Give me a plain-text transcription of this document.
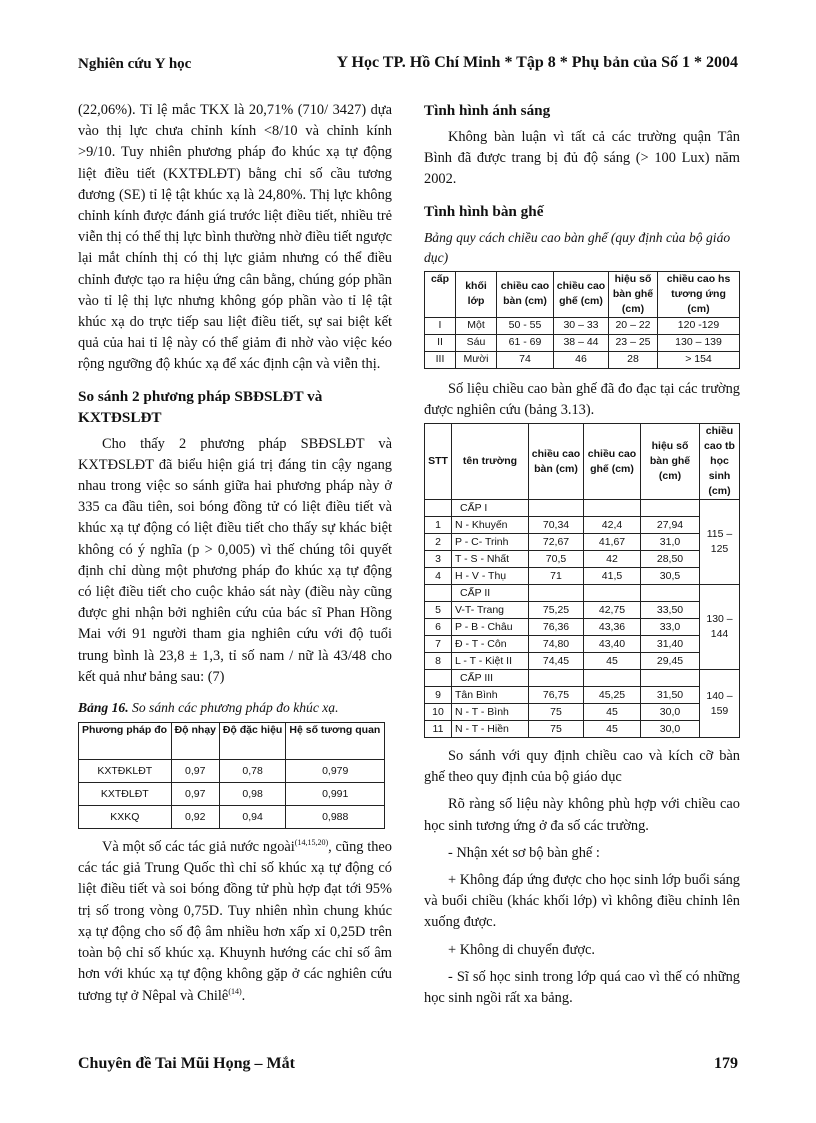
Nghiên cứu Y học	Y Học TP. Hồ Chí Minh * Tập 8 * Phụ bản của Số 1 * 2004

(22,06%). Tỉ lệ mắc TKX là 20,71% (710/ 3427) dựa vào thị lực chưa chỉnh kính <8/10 và chỉnh kính >9/10. Tuy nhiên phương pháp đo khúc xạ tự động liệt điều tiết (KXTĐLĐT) bằng chỉ số cầu tương đương (SE) tỉ lệ tật khúc xạ là 24,80%. Thị lực không chỉnh kính được đánh giá trước liệt điều tiết, nhiều trẻ viễn thị có thể thị lực bình thường nhờ điều tiết ngược lại mắt chính thị có thị lực giảm nhưng có thể điều chỉnh được tạo ra hiệu ứng cân bằng, chúng góp phần vào tỉ lệ thị lực nhưng không góp phần vào tỉ lệ tật khúc xạ do trực tiếp sau liệt điều tiết, sự sai biệt kết quả của hai tỉ lệ này có thể giảm đi nhờ vào việc kéo rộng ngưỡng độ khúc xạ để xác định cận và viễn thị.

So sánh 2 phương pháp SBĐSLĐT và KXTĐSLĐT

Cho thấy 2 phương pháp SBĐSLĐT và KXTĐSLĐT đã biểu hiện giá trị đáng tin cậy ngang nhau trong việc so sánh giữa hai phương pháp này ở 335 ca đầu tiên, soi bóng đồng tử có liệt điều tiết và khúc xạ tự động có liệt điều tiết cho thấy sự khác biệt không có ý nghĩa (p > 0,005) vì thế chúng tôi quyết định chỉ dùng một phương pháp đo khúc xạ tự động có liệt điều tiết cho cuộc khảo sát này (điều này cũng được ghi nhận bởi nghiên cứu của bác sĩ Phan Hồng Mai với 91 người tham gia nghiên cứu với độ tuổi trung bình là 23,8 ± 1,3, tỉ số nam / nữ là 43/48 cho kết quả như bảng sau: (7)

Bảng 16. So sánh các phương pháp đo khúc xạ.
Phương pháp đo	Độ nhạy	Độ đặc hiệu	Hệ số tương quan
KXTĐKLĐT	0,97	0,78	0,979
KXTĐLĐT	0,97	0,98	0,991
KXKQ	0,92	0,94	0,988

Và một số các tác giả nước ngoài$^{(14,15,20)}$, cũng theo các tác giả Trung Quốc thì chỉ số khúc xạ tự động có liệt điều tiết và soi bóng đồng tử phù hợp đạt tới 95% trị số trong vòng 0,75D. Tuy nhiên nhìn chung khúc xạ tự động cho số độ âm nhiều hơn xấp xỉ 0,25D trên toàn bộ chỉ số khúc xạ. Khuynh hướng các chỉ số âm hơn với khúc xạ tự động không gặp ở các nghiên cứu tương tự ở Nêpal và Chilê$^{(14)}$.

Tình hình ánh sáng

Không bàn luận vì tất cả các trường quận Tân Bình đã được trang bị đủ độ sáng (> 100 Lux) năm 2002.

Tình hình bàn ghế
Bảng quy cách chiều cao bàn ghế (quy định của bộ giáo dục)
cấp	khối lớp	chiều cao bàn (cm)	chiều cao ghế (cm)	hiệu số bàn ghế (cm)	chiều cao hs tương ứng (cm)
I	Một	50 - 55	30 – 33	20 – 22	120 -129
II	Sáu	61 - 69	38 – 44	23 – 25	130 – 139
III	Mười	74	46	28	> 154

Số liệu chiều cao bàn ghế đã đo đạc tại các trường được nghiên cứu (bảng 3.13).

STT	tên trường	chiều cao bàn (cm)	chiều cao ghế (cm)	hiệu số bàn ghế (cm)	chiều cao tb học sinh (cm)
	CẤP I				115 – 125
1	N - Khuyến	70,34	42,4	27,94	
2	P - C- Trinh	72,67	41,67	31,0	
3	T - S - Nhất	70,5	42	28,50	
4	H - V - Thụ	71	41,5	30,5	
	CẤP II				130 – 144
5	V-T- Trang	75,25	42,75	33,50	
6	P - B - Châu	76,36	43,36	33,0	
7	Đ - T - Côn	74,80	43,40	31,40	
8	L - T - Kiệt II	74,45	45	29,45	
	CẤP III				140 – 159
9	Tân Bình	76,75	45,25	31,50	
10	N - T - Bình	75	45	30,0	
11	N - T - Hiền	75	45	30,0	

So sánh với quy định chiều cao và kích cỡ bàn ghế theo quy định của bộ giáo dục

Rõ ràng số liệu này không phù hợp với chiều cao học sinh tương ứng ở đa số các trường.

- Nhận xét sơ bộ bàn ghế :

+ Không đáp ứng được cho học sinh lớp buổi sáng và buổi chiều (khác khối lớp) vì không điều chỉnh lên xuống được.

+ Không di chuyển được.

- Sĩ số học sinh trong lớp quá cao vì thế có những học sinh ngồi rất xa bảng.

Chuyên đề Tai Mũi Họng – Mắt	179
